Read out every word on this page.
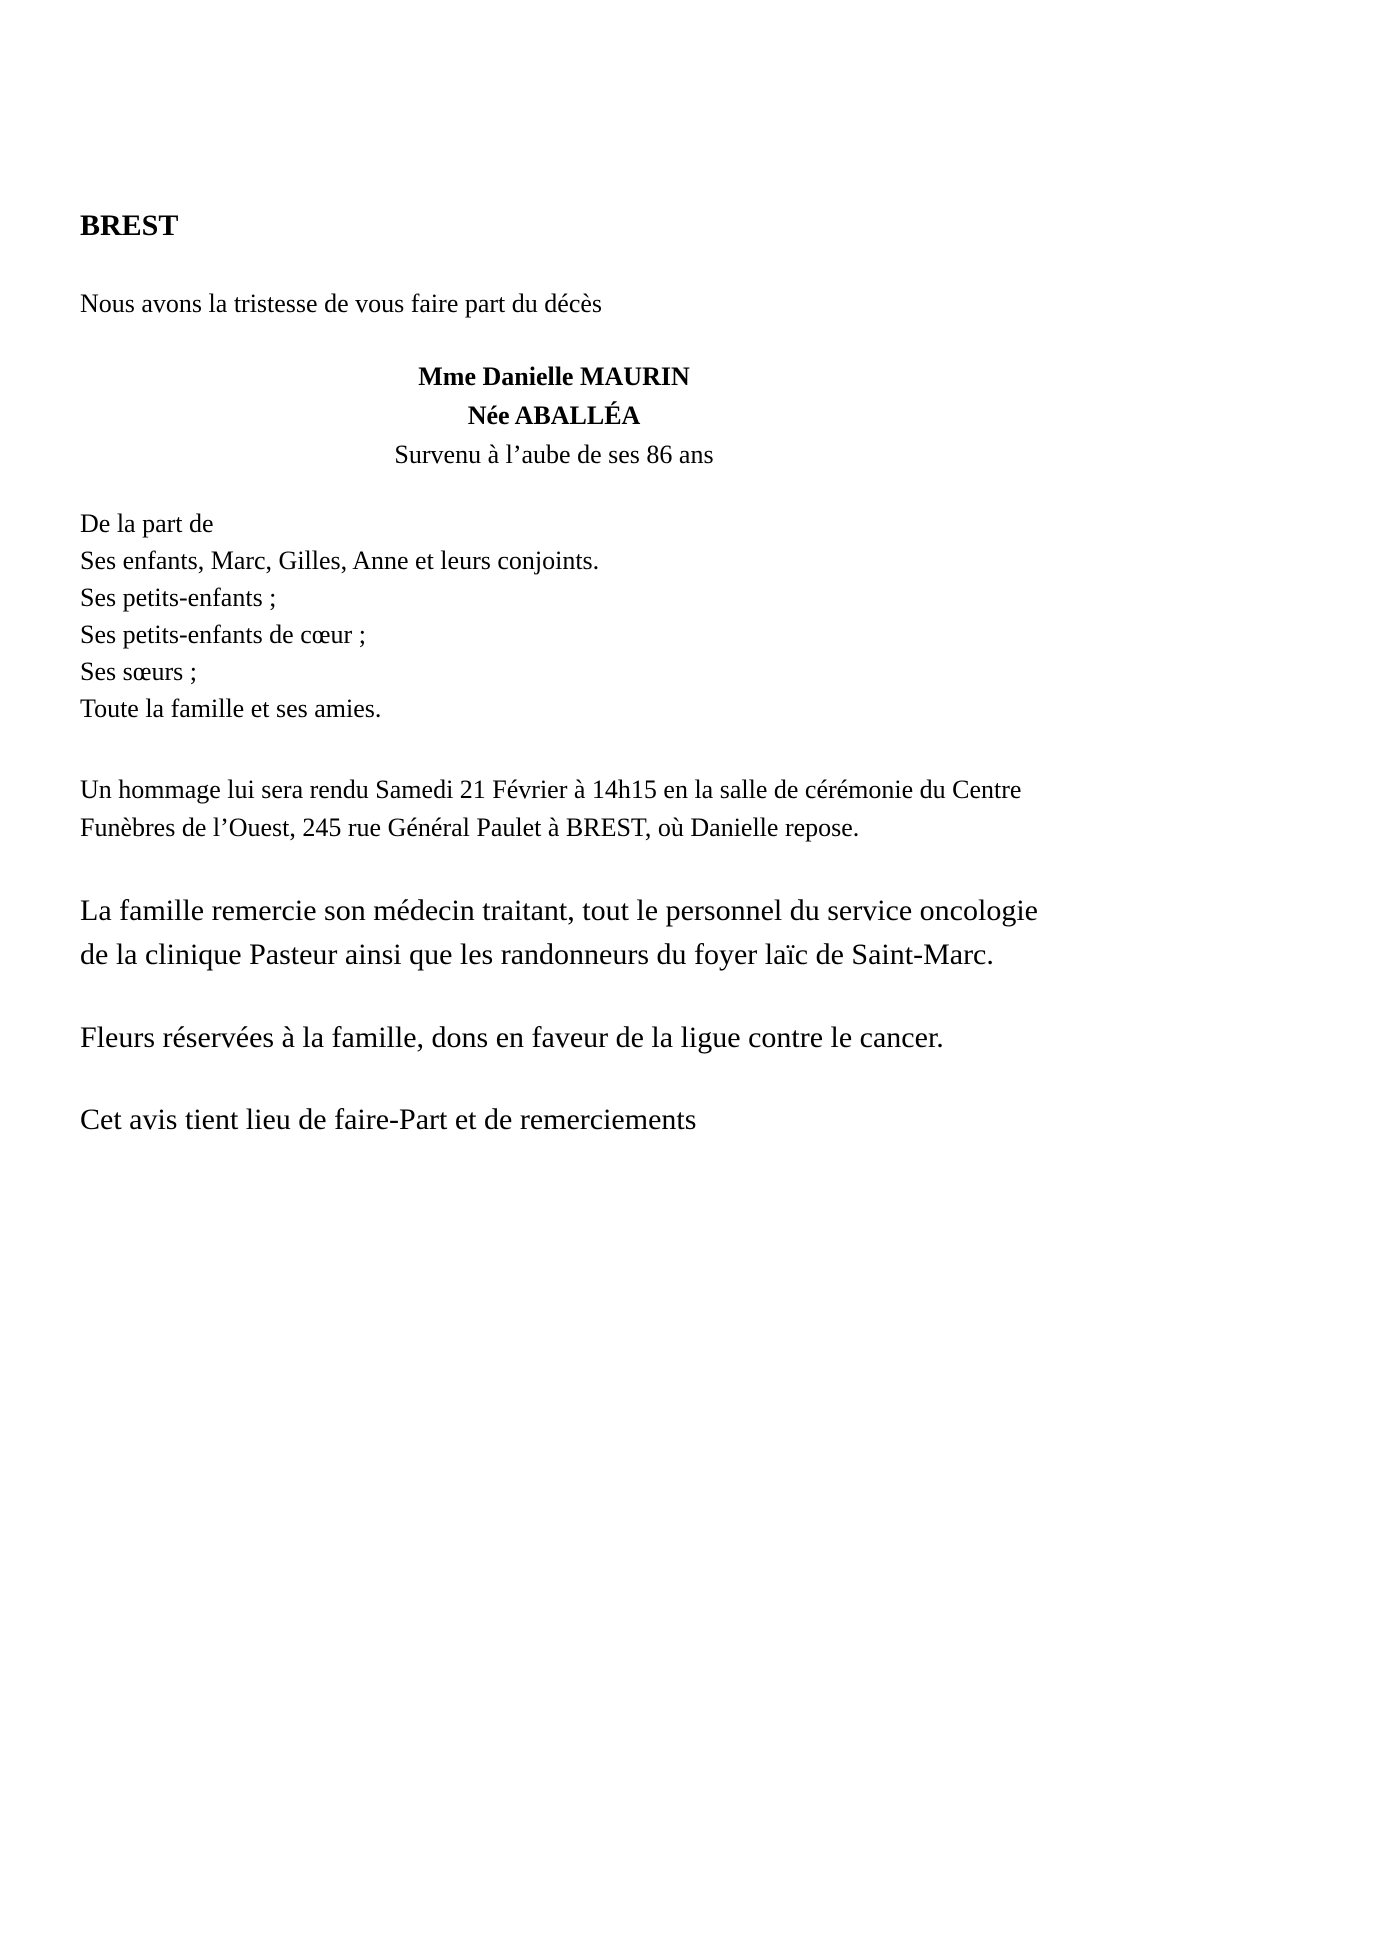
BREST
Nous avons la tristesse de vous faire part du décès
Mme Danielle MAURIN
Née ABALLÉA
Survenu à l’aube de ses 86 ans
De la part de
Ses enfants, Marc, Gilles, Anne et leurs conjoints.
Ses petits-enfants ;
Ses petits-enfants de cœur ;
Ses sœurs ;
Toute la famille et ses amies.
Un hommage lui sera rendu Samedi 21 Février à 14h15 en la salle de cérémonie du Centre
Funèbres de l’Ouest, 245 rue Général Paulet à BREST, où Danielle repose.
La famille remercie son médecin traitant, tout le personnel du service oncologie
de la clinique Pasteur ainsi que les randonneurs du foyer laïc de Saint-Marc.
Fleurs réservées à la famille, dons en faveur de la ligue contre le cancer.
Cet avis tient lieu de faire-Part et de remerciements
